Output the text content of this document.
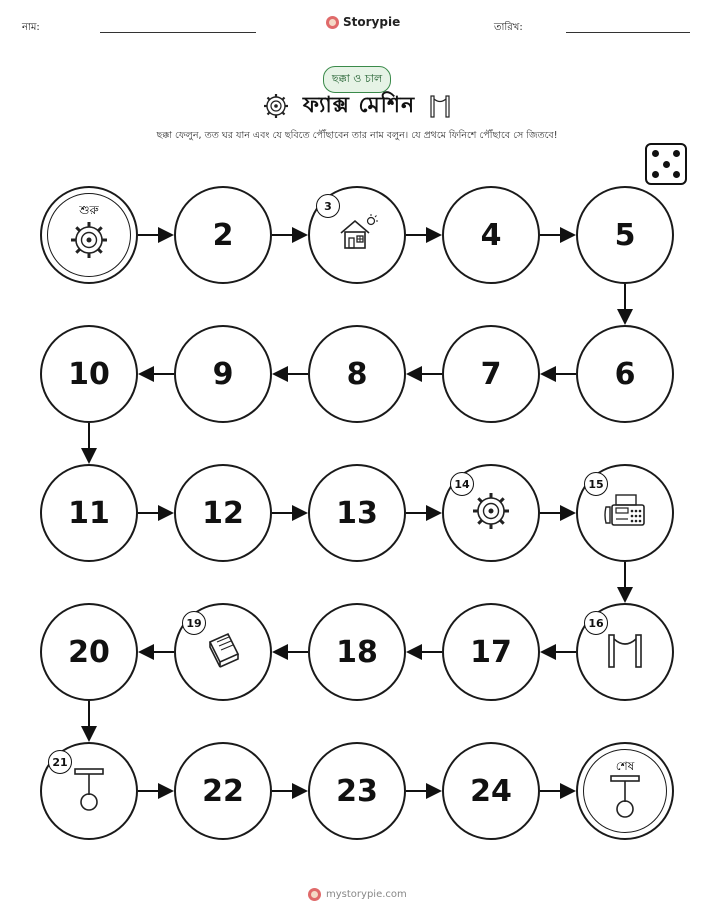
নাম:	Storypie	তারিখ:
ছক্কা ও চাল
ফ্যাক্স মেশিন
ছক্কা ফেলুন, তত ঘর যান এবং যে ছবিতে পৌঁছাবেন তার নাম বলুন। যে প্রথমে ফিনিশে পৌঁছাবে সে জিতবে!
শুরু
2
3
4	5
6
7
8
9
10
11	12	13
14	15
16
17
18
19
20
21
22	23	24
শেষ
mystorypie.com
